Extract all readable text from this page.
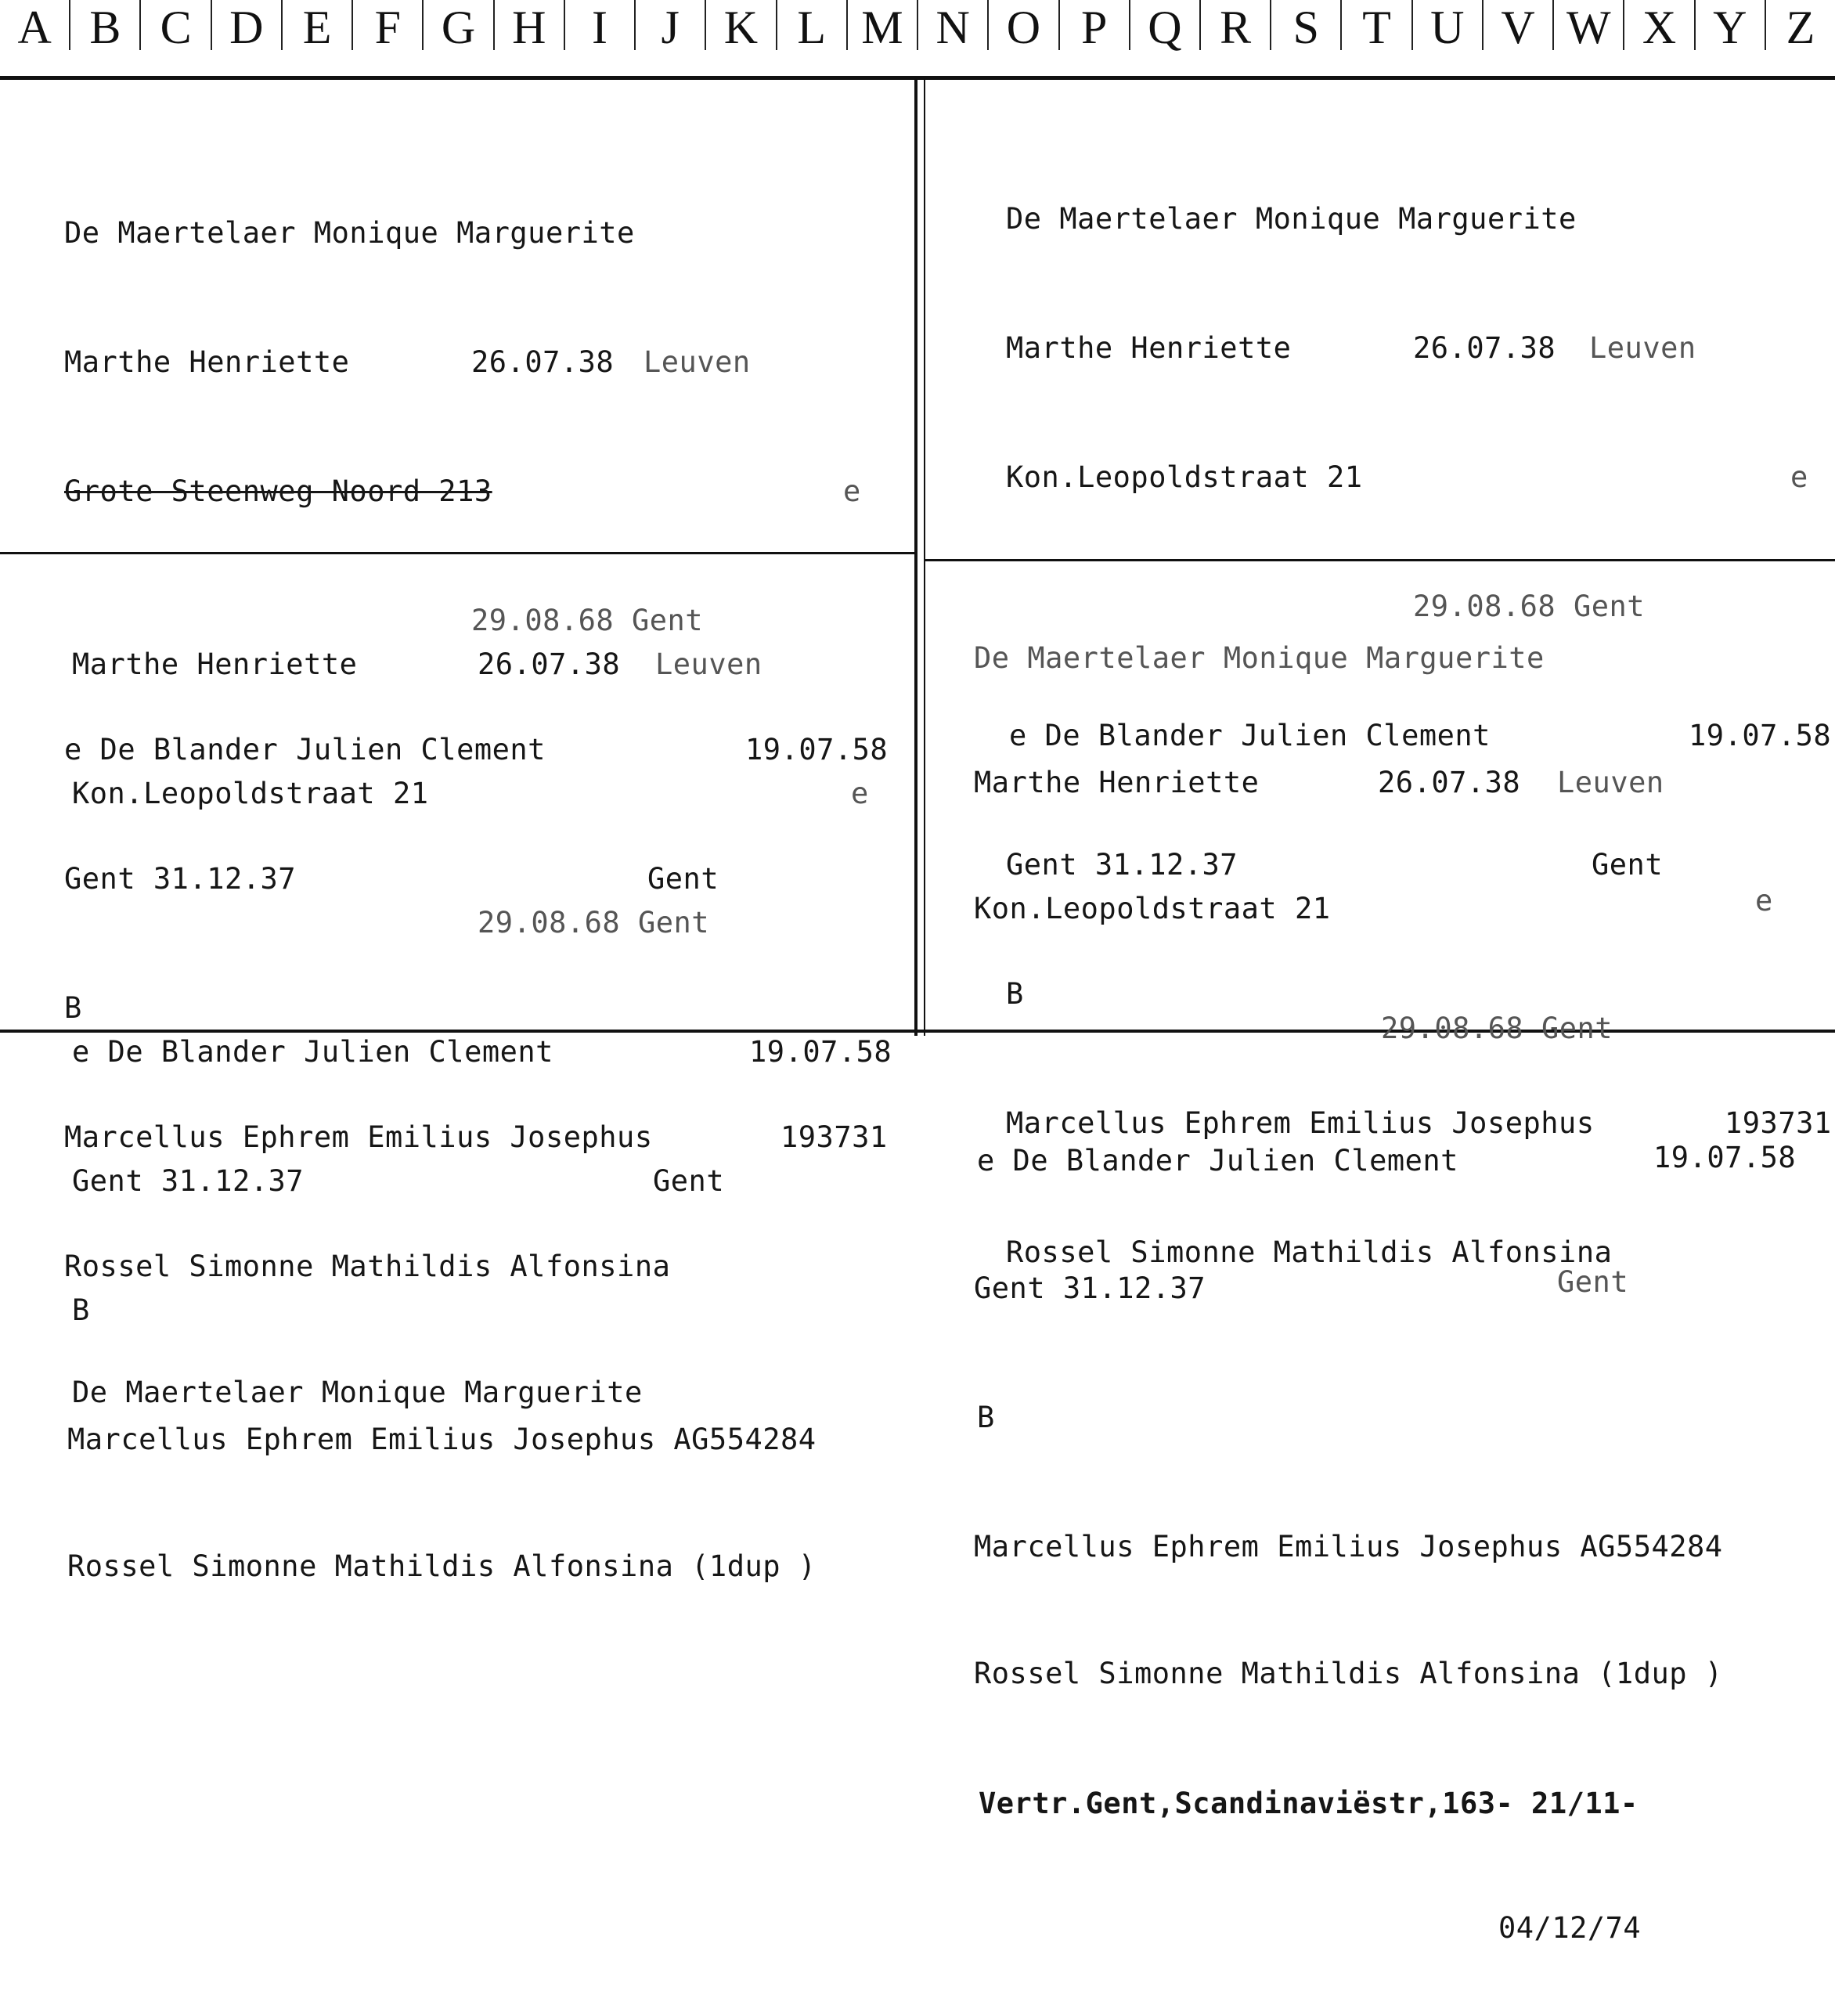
A B C D E F G H I	J K L M N O P Q R S T U V W X Y Z

De Maertelaer Monique Marguerite

Marthe Henriette

	26.07.38

Leuven

Grote Steenweg Noord 213

	e

29.08.68 Gent

e De Blander Julien Clement

	19.07.58

Gent 31.12.37

	Gent

B

Marcellus Ephrem Emilius Josephus

	193731

Rossel Simonne Mathildis Alfonsina

De Maertelaer Monique Marguerite

Marthe Henriette

	26.07.38

Leuven

Kon.Leopoldstraat 21

	e

29.08.68 Gent

e De Blander Julien Clement

	19.07.58

Gent 31.12.37

	Gent

B

Marcellus Ephrem Emilius Josephus AG554284

Rossel Simonne Mathildis Alfonsina (1dup )

De Maertelaer Monique Marguerite

Marthe Henriette

	26.07.38

Leuven

Kon.Leopoldstraat 21

	e

29.08.68 Gent

e De Blander Julien Clement

	19.07.58

Gent 31.12.37

	Gent

B

Marcellus Ephrem Emilius Josephus

	193731

Rossel Simonne Mathildis Alfonsina

De Maertelaer Monique Marguerite

Marthe Henriette

	26.07.38

Leuven

Kon.Leopoldstraat 21

	e

29.08.68 Gent

e De Blander Julien Clement

	19.07.58

Gent 31.12.37

	Gent

B

Marcellus Ephrem Emilius Josephus AG554284

Rossel Simonne Mathildis Alfonsina (1dup )

Vertr.Gent,Scandinaviëstr,163- 21/11-

04/12/74
